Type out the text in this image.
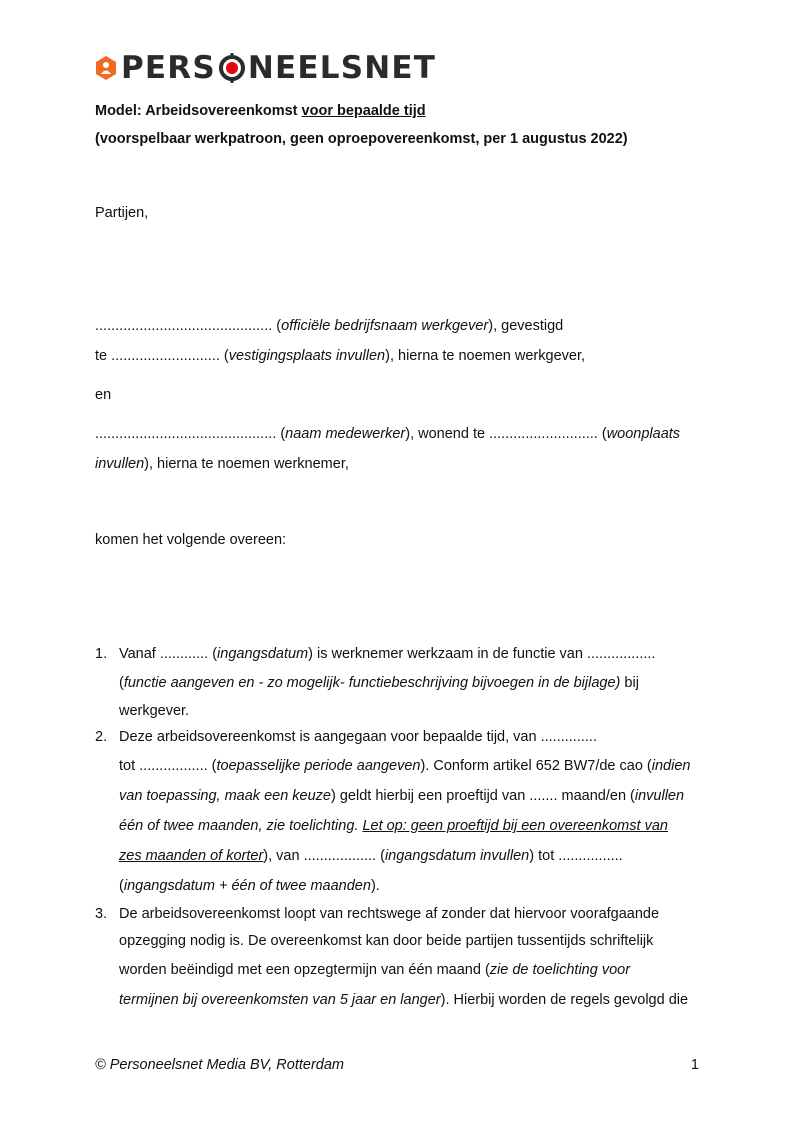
PERS NEELSNET
Model: Arbeidsovereenkomst voor bepaalde tijd
(voorspelbaar werkpatroon, geen oproepovereenkomst, per 1 augustus 2022)
Partijen,
............................................ (officiële bedrijfsnaam werkgever), gevestigd
te ........................... (vestigingsplaats invullen), hierna te noemen werkgever,
en
............................................. (naam medewerker), wonend te ........................... (woonplaats
invullen), hierna te noemen werknemer,
komen het volgende overeen:
1. Vanaf ............ (ingangsdatum) is werknemer werkzaam in de functie van .................
(functie aangeven en - zo mogelijk- functiebeschrijving bijvoegen in de bijlage) bij
werkgever.
2. Deze arbeidsovereenkomst is aangegaan voor bepaalde tijd, van ..............
tot ................. (toepasselijke periode aangeven). Conform artikel 652 BW7/de cao (indien
van toepassing, maak een keuze) geldt hierbij een proeftijd van ....... maand/en (invullen
één of twee maanden, zie toelichting. Let op: geen proeftijd bij een overeenkomst van
zes maanden of korter), van .................. (ingangsdatum invullen) tot ................
(ingangsdatum + één of twee maanden).
3. De arbeidsovereenkomst loopt van rechtswege af zonder dat hiervoor voorafgaande
opzegging nodig is. De overeenkomst kan door beide partijen tussentijds schriftelijk
worden beëindigd met een opzegtermijn van één maand (zie de toelichting voor
termijnen bij overeenkomsten van 5 jaar en langer). Hierbij worden de regels gevolgd die
© Personeelsnet Media BV, Rotterdam	1
